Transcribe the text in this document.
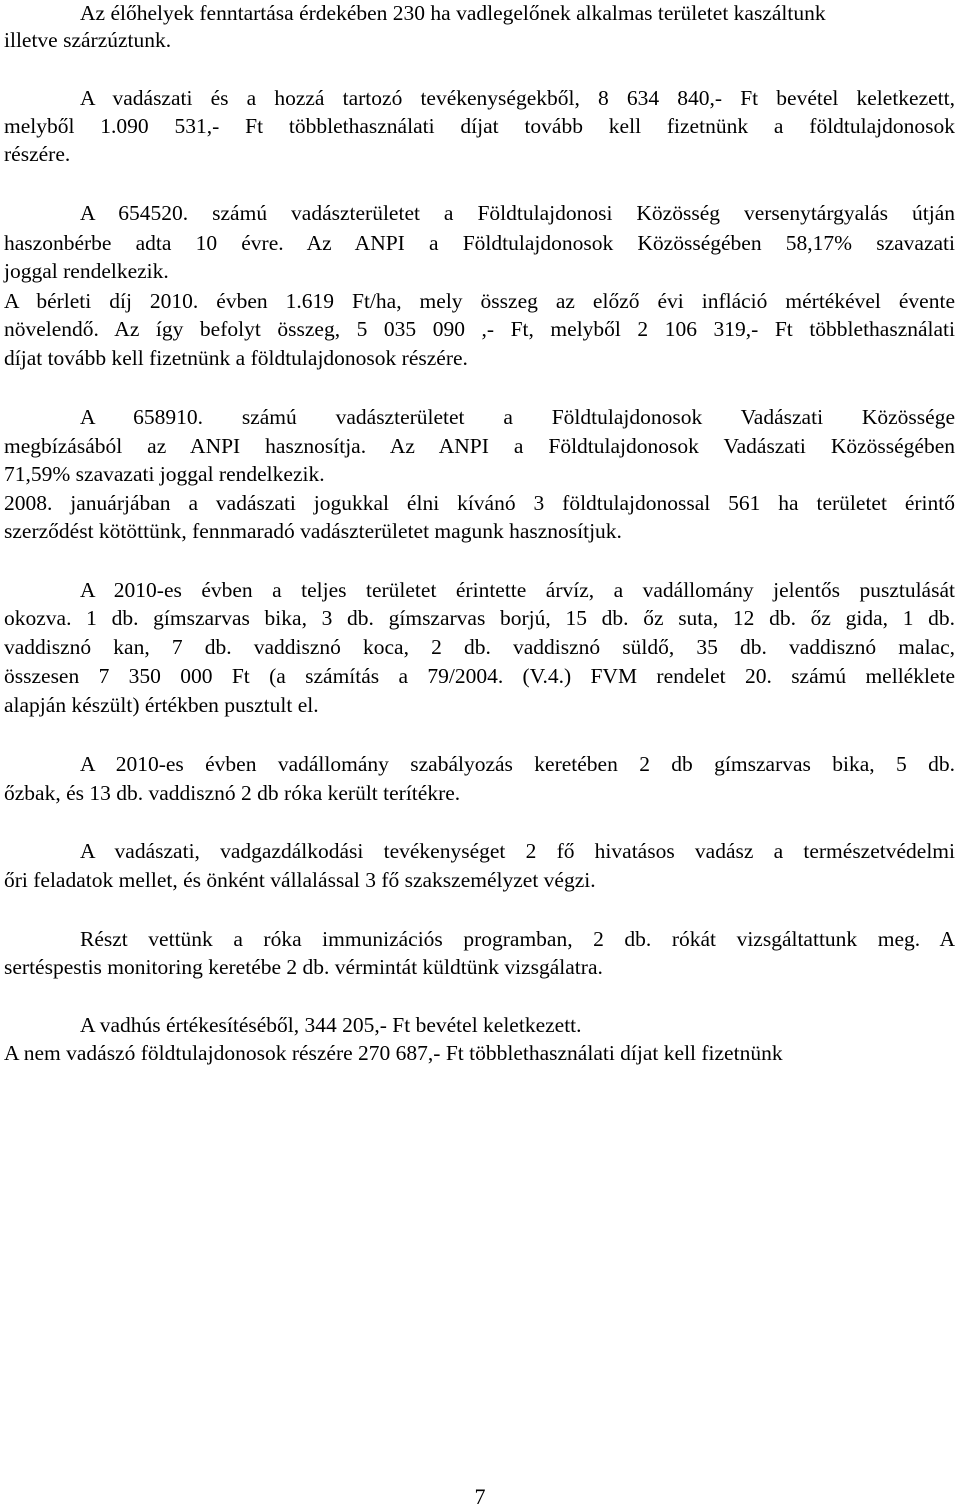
Az élőhelyek fenntartása érdekében 230 ha vadlegelőnek alkalmas területet kaszáltunk

illetve szárzúztunk.

A vadászati és a hozzá tartozó tevékenységekből, 8 634 840,- Ft bevétel keletkezett,

melyből 1.090 531,- Ft többlethasználati díjat tovább kell fizetnünk a földtulajdonosok

részére.

A 654520. számú vadászterületet a Földtulajdonosi Közösség versenytárgyalás útján

haszonbérbe adta 10 évre. Az ANPI a Földtulajdonosok Közösségében 58,17% szavazati

joggal rendelkezik.

A bérleti díj 2010. évben 1.619 Ft/ha, mely összeg az előző évi infláció mértékével évente

növelendő. Az így befolyt összeg, 5 035 090 ,- Ft, melyből 2 106 319,- Ft többlethasználati

díjat tovább kell fizetnünk a földtulajdonosok részére.

A 658910. számú vadászterületet a Földtulajdonosok Vadászati Közössége

megbízásából az ANPI hasznosítja. Az ANPI a Földtulajdonosok Vadászati Közösségében

71,59% szavazati joggal rendelkezik.

2008. januárjában a vadászati jogukkal élni kívánó 3 földtulajdonossal 561 ha területet érintő

szerződést kötöttünk, fennmaradó vadászterületet magunk hasznosítjuk.

A 2010-es évben a teljes területet érintette árvíz, a vadállomány jelentős pusztulását

okozva. 1 db. gímszarvas bika, 3 db. gímszarvas borjú, 15 db. őz suta, 12 db. őz gida, 1 db.

vaddisznó kan, 7 db. vaddisznó koca, 2 db. vaddisznó süldő, 35 db. vaddisznó malac,

összesen 7 350 000 Ft (a számítás a 79/2004. (V.4.) FVM rendelet 20. számú melléklete

alapján készült) értékben pusztult el.

A 2010-es évben vadállomány szabályozás keretében 2 db gímszarvas bika, 5 db.

őzbak, és 13 db. vaddisznó 2 db róka került terítékre.

A vadászati, vadgazdálkodási tevékenységet 2 fő hivatásos vadász a természetvédelmi

őri feladatok mellet, és önként vállalással 3 fő szakszemélyzet végzi.

Részt vettünk a róka immunizációs programban, 2 db. rókát vizsgáltattunk meg. A

sertéspestis monitoring keretébe 2 db. vérmintát küldtünk vizsgálatra.

A vadhús értékesítéséből, 344 205,- Ft bevétel keletkezett.

A nem vadászó földtulajdonosok részére 270 687,- Ft többlethasználati díjat kell fizetnünk

7
